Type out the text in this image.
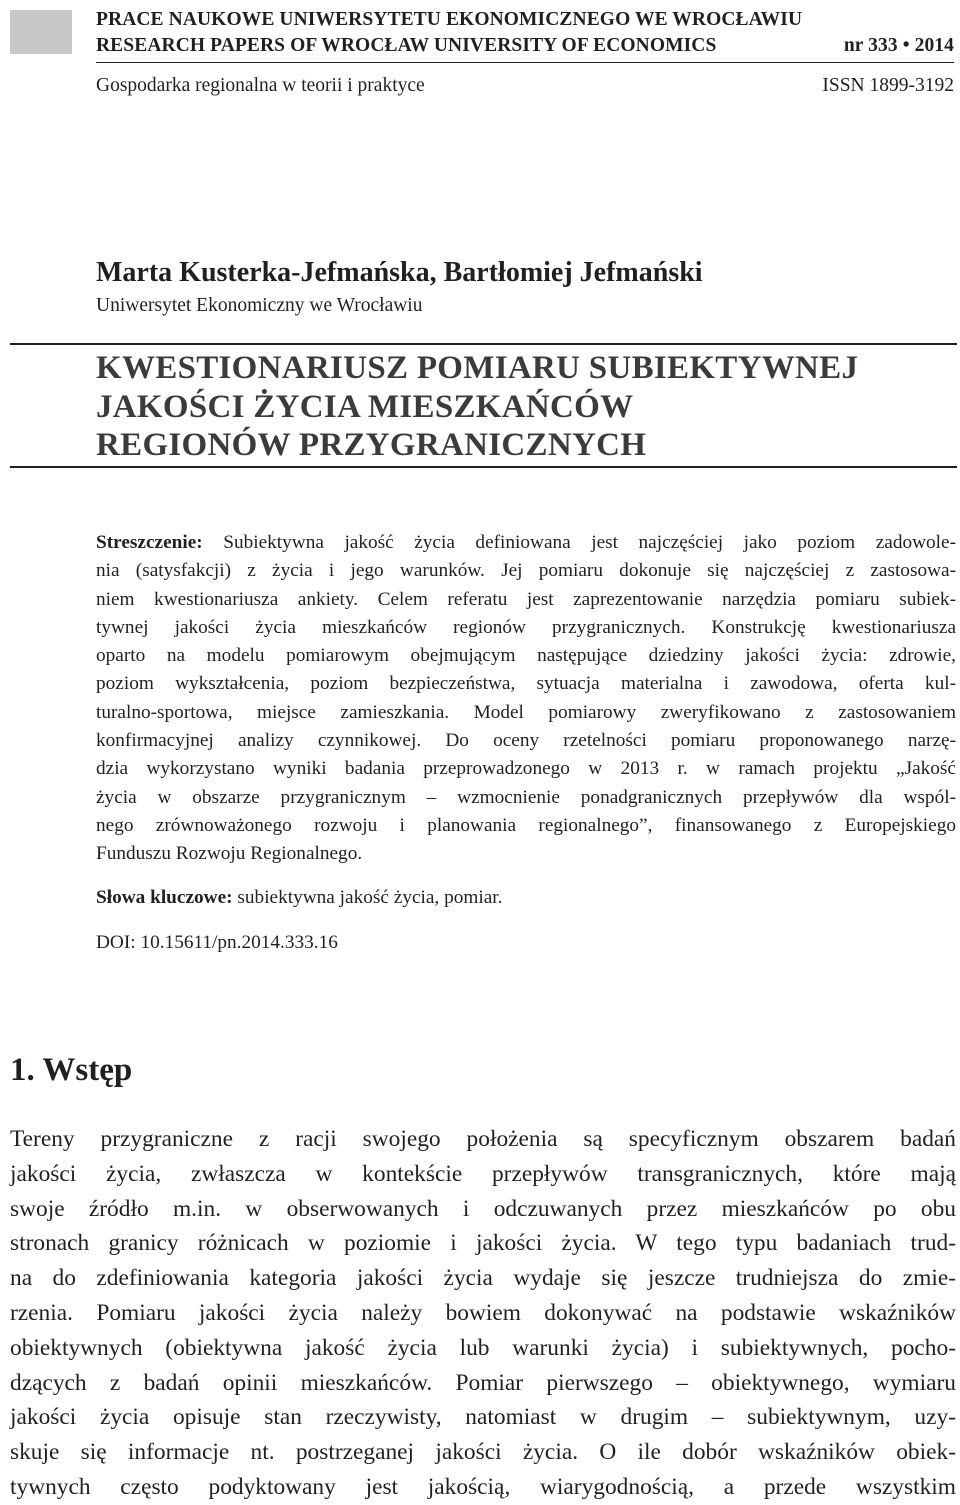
PRACE NAUKOWE UNIWERSYTETU EKONOMICZNEGO WE WROCŁAWIU
RESEARCH PAPERS OF WROCŁAW UNIVERSITY OF ECONOMICS	nr 333 • 2014
Gospodarka regionalna w teorii i praktyce	ISSN 1899-3192
Marta Kusterka-Jefmańska, Bartłomiej Jefmański
Uniwersytet Ekonomiczny we Wrocławiu
KWESTIONARIUSZ POMIARU SUBIEKTYWNEJ
JAKOŚCI ŻYCIA MIESZKAŃCÓW
REGIONÓW PRZYGRANICZNYCH
Streszczenie: Subiektywna jakość życia definiowana jest najczęściej jako poziom zadowole-
nia (satysfakcji) z życia i jego warunków. Jej pomiaru dokonuje się najczęściej z zastosowa-
niem kwestionariusza ankiety. Celem referatu jest zaprezentowanie narzędzia pomiaru subiek-
tywnej jakości życia mieszkańców regionów przygranicznych. Konstrukcję kwestionariusza
oparto na modelu pomiarowym obejmującym następujące dziedziny jakości życia: zdrowie,
poziom wykształcenia, poziom bezpieczeństwa, sytuacja materialna i zawodowa, oferta kul-
turalno-sportowa, miejsce zamieszkania. Model pomiarowy zweryfikowano z zastosowaniem
konfirmacyjnej analizy czynnikowej. Do oceny rzetelności pomiaru proponowanego narzę-
dzia wykorzystano wyniki badania przeprowadzonego w 2013 r. w ramach projektu „Jakość
życia w obszarze przygranicznym – wzmocnienie ponadgranicznych przepływów dla wspól-
nego zrównoważonego rozwoju i planowania regionalnego”, finansowanego z Europejskiego
Funduszu Rozwoju Regionalnego.
Słowa kluczowe: subiektywna jakość życia, pomiar.
DOI: 10.15611/pn.2014.333.16
1. Wstęp
Tereny przygraniczne z racji swojego położenia są specyficznym obszarem badań
jakości życia, zwłaszcza w kontekście przepływów transgranicznych, które mają
swoje źródło m.in. w obserwowanych i odczuwanych przez mieszkańców po obu
stronach granicy różnicach w poziomie i jakości życia. W tego typu badaniach trud-
na do zdefiniowania kategoria jakości życia wydaje się jeszcze trudniejsza do zmie-
rzenia. Pomiaru jakości życia należy bowiem dokonywać na podstawie wskaźników
obiektywnych (obiektywna jakość życia lub warunki życia) i subiektywnych, pocho-
dzących z badań opinii mieszkańców. Pomiar pierwszego – obiektywnego, wymiaru
jakości życia opisuje stan rzeczywisty, natomiast w drugim – subiektywnym, uzy-
skuje się informacje nt. postrzeganej jakości życia. O ile dobór wskaźników obiek-
tywnych często podyktowany jest jakością, wiarygodnością, a przede wszystkim
